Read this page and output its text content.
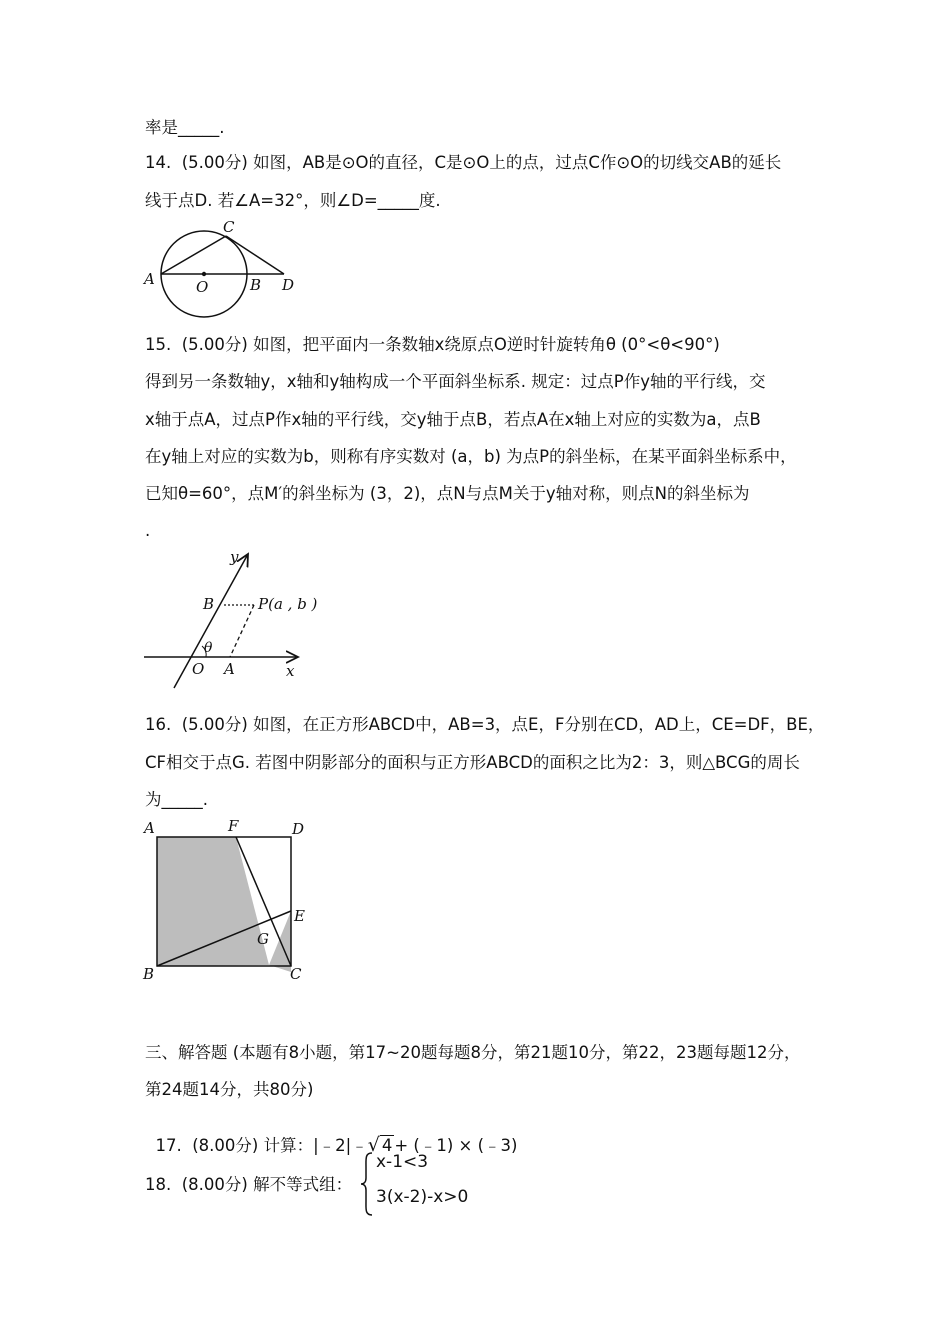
率是_____.
14.  (5.00分) 如图，AB是⊙O的直径，C是⊙O上的点，过点C作⊙O的切线交AB的延长
线于点D. 若∠A=32°，则∠D=_____度.
A	O	B D
C
15.  (5.00分) 如图，把平面内一条数轴x绕原点O逆时针旋转角θ (0°<θ<90°)
得到另一条数轴y，x轴和y轴构成一个平面斜坐标系. 规定：过点P作y轴的平行线，交
x轴于点A，过点P作x轴的平行线，交y轴于点B，若点A在x轴上对应的实数为a，点B
在y轴上对应的实数为b，则称有序实数对 (a，b) 为点P的斜坐标，在某平面斜坐标系中，
已知θ=60°，点M′的斜坐标为 (3，2)，点N与点M关于y轴对称，则点N的斜坐标为
.
y
B	P(a , b )
θ
O A	x
16.  (5.00分) 如图，在正方形ABCD中，AB=3，点E，F分别在CD，AD上，CE=DF，BE，
CF相交于点G. 若图中阴影部分的面积与正方形ABCD的面积之比为2：3，则△BCG的周长
为_____.
A	F	D
E
G
B	C
三、解答题 (本题有8小题，第17~20题每题8分，第21题10分，第22，23题每题12分，
第24题14分，共80分)

17.  (8.00分) 计算：|﹣2|﹣√ 4 + (﹣1) × (﹣3)

18.  (8.00分) 解不等式组：
x-1<3
3(x-2)-x>0
